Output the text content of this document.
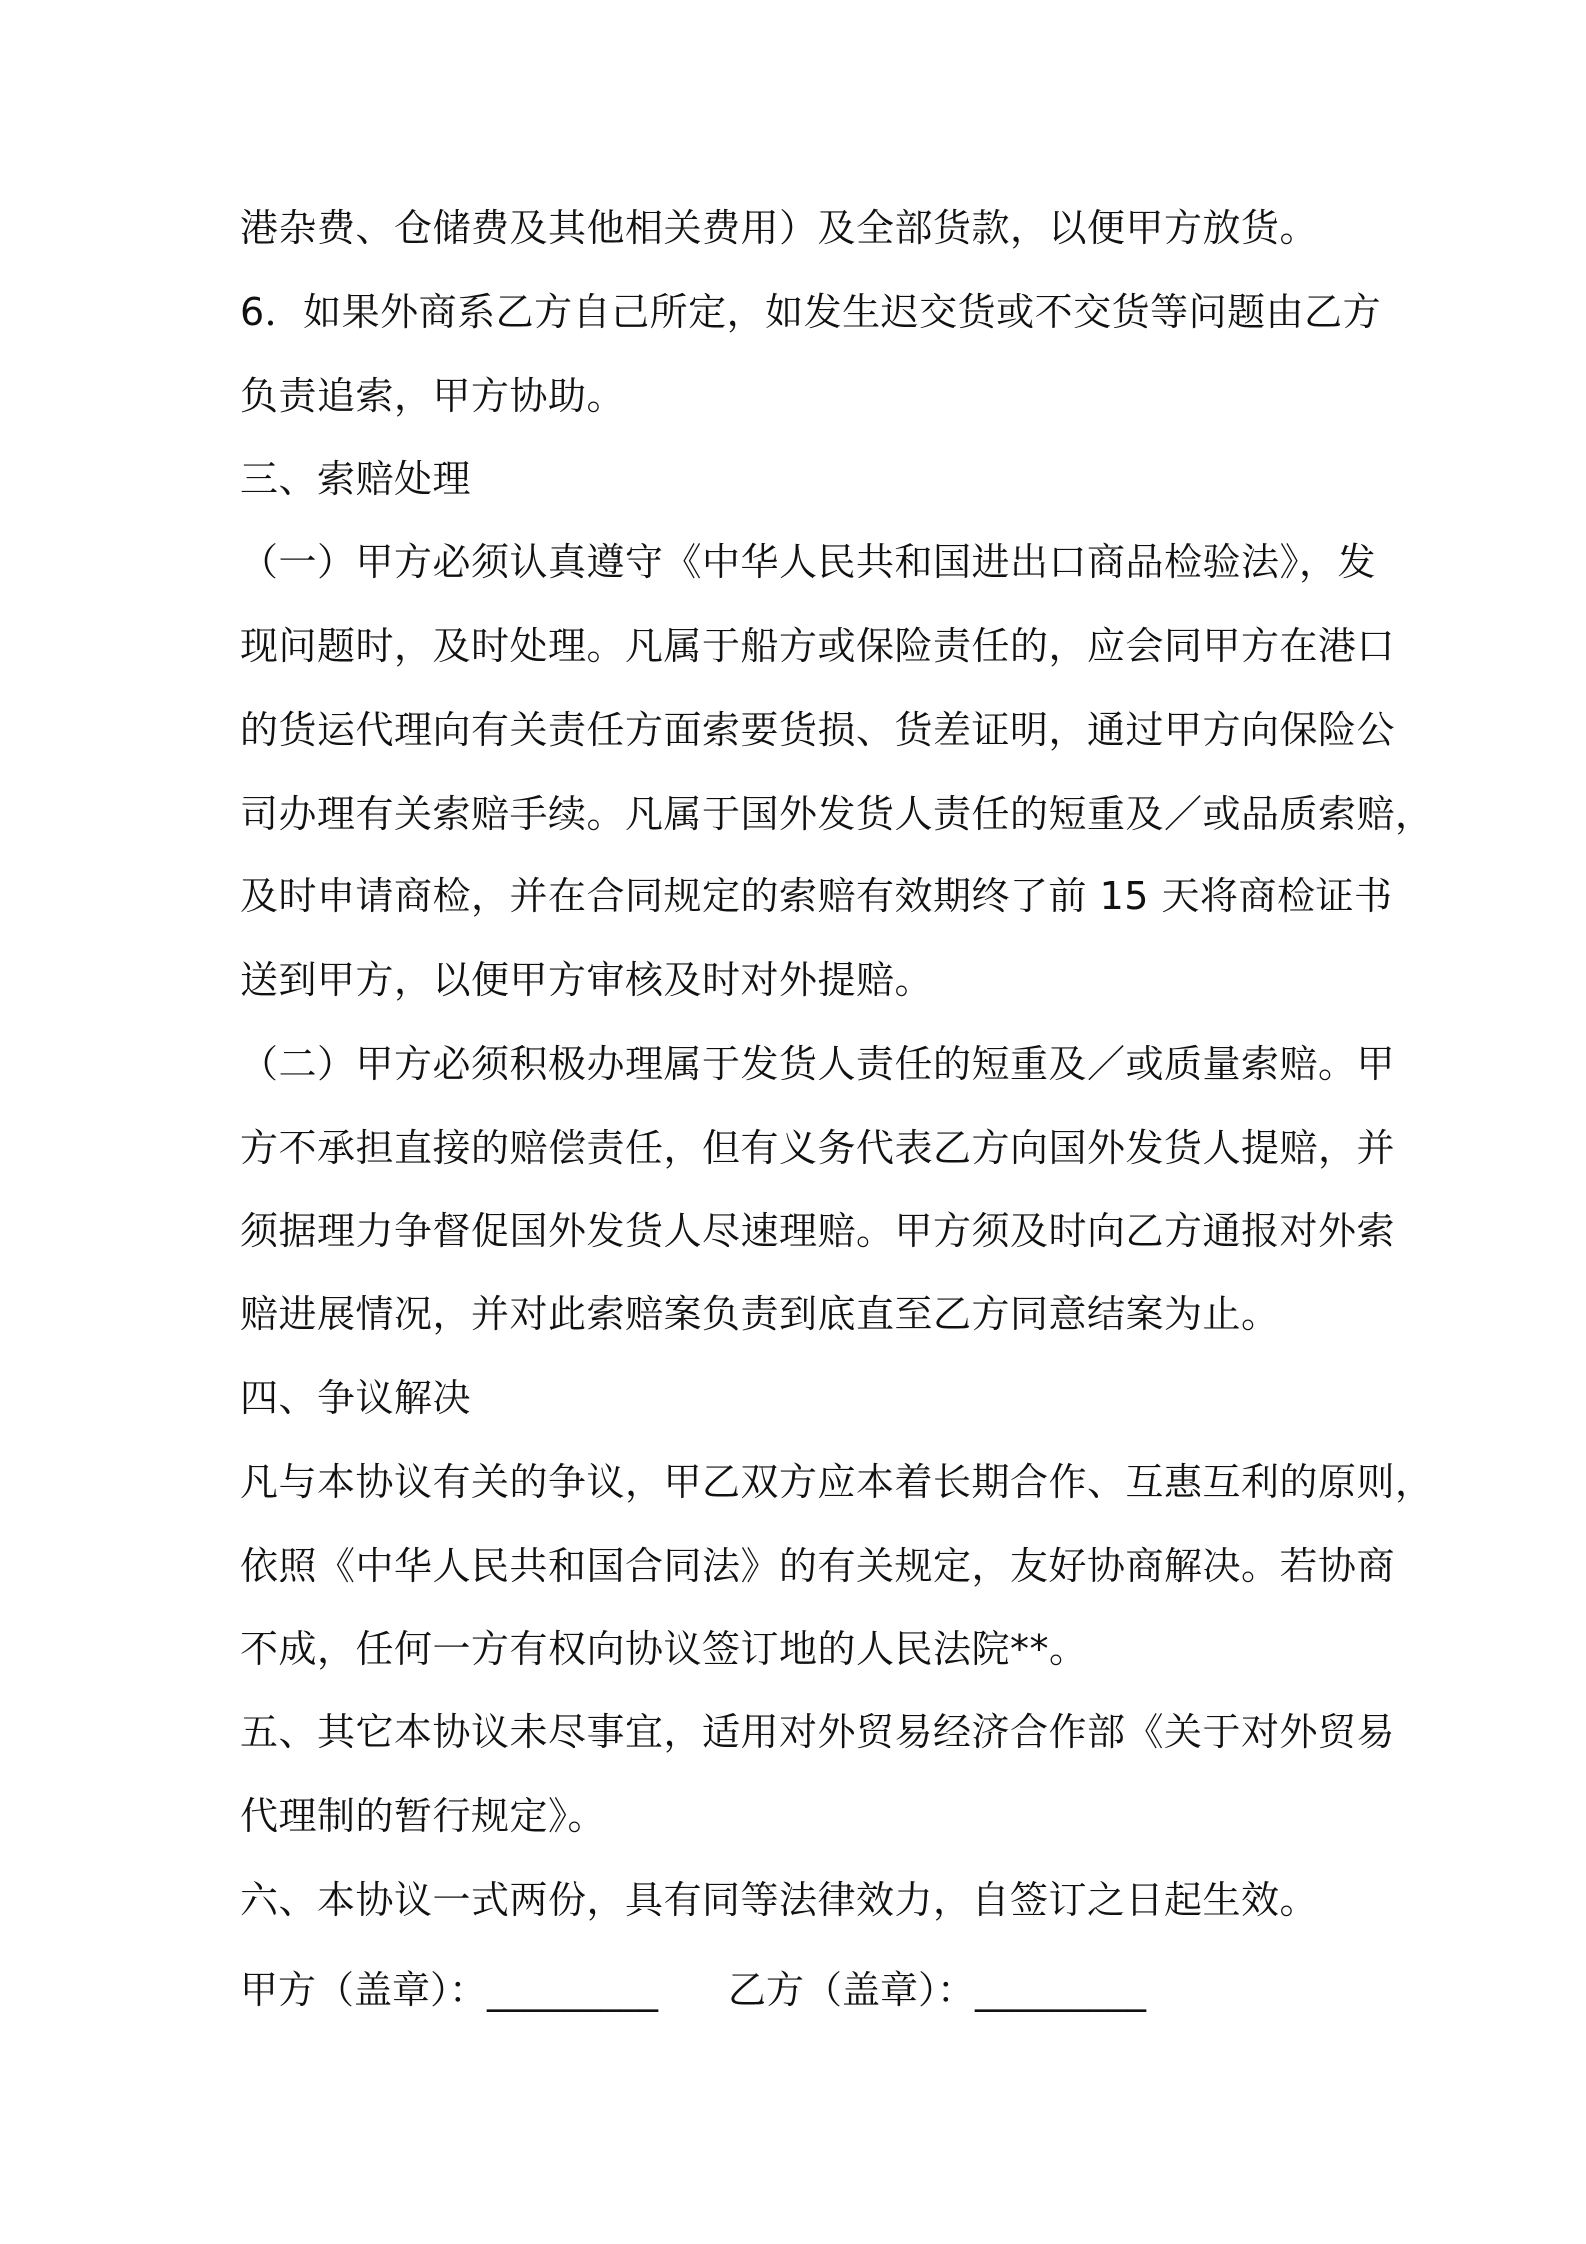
港杂费、仓储费及其他相关费用）及全部货款，以便甲方放货。
6．如果外商系乙方自己所定，如发生迟交货或不交货等问题由乙方
负责追索，甲方协助。
三、索赔处理
（一）甲方必须认真遵守《中华人民共和国进出口商品检验法》，发
现问题时，及时处理。凡属于船方或保险责任的，应会同甲方在港口
的货运代理向有关责任方面索要货损、货差证明，通过甲方向保险公
司办理有关索赔手续。凡属于国外发货人责任的短重及／或品质索赔，
及时申请商检，并在合同规定的索赔有效期终了前 15 天将商检证书
送到甲方，以便甲方审核及时对外提赔。
（二）甲方必须积极办理属于发货人责任的短重及／或质量索赔。甲
方不承担直接的赔偿责任，但有义务代表乙方向国外发货人提赔，并
须据理力争督促国外发货人尽速理赔。甲方须及时向乙方通报对外索
赔进展情况，并对此索赔案负责到底直至乙方同意结案为止。
四、争议解决
凡与本协议有关的争议，甲乙双方应本着长期合作、互惠互利的原则，
依照《中华人民共和国合同法》的有关规定，友好协商解决。若协商
不成，任何一方有权向协议签订地的人民法院**。
五、其它本协议未尽事宜，适用对外贸易经济合作部《关于对外贸易
代理制的暂行规定》。
六、本协议一式两份，具有同等法律效力，自签订之日起生效。
甲方（盖章）：_________ 乙方（盖章）：_________
